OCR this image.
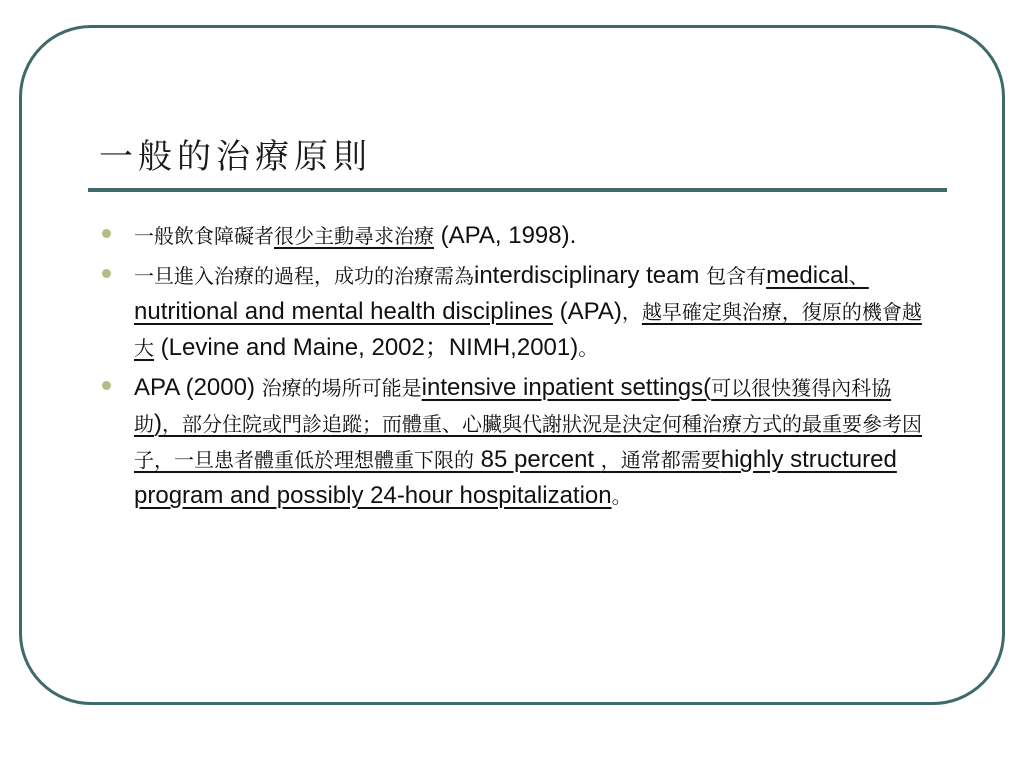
一般的治療原則
一般飲食障礙者很少主動尋求治療 (APA, 1998).
一旦進入治療的過程，成功的治療需為interdisciplinary team 包含有medical、 nutritional and mental health disciplines (APA)，越早確定與治療，復原的機會越大 (Levine and Maine, 2002；NIMH,2001)。
APA (2000) 治療的場所可能是intensive inpatient settings(可以很快獲得內科協助)，部分住院或門診追蹤；而體重、心臟與代謝狀況是決定何種治療方式的最重要參考因子，一旦患者體重低於理想體重下限的 85 percent ，通常都需要highly structured program and possibly 24-hour hospitalization。
